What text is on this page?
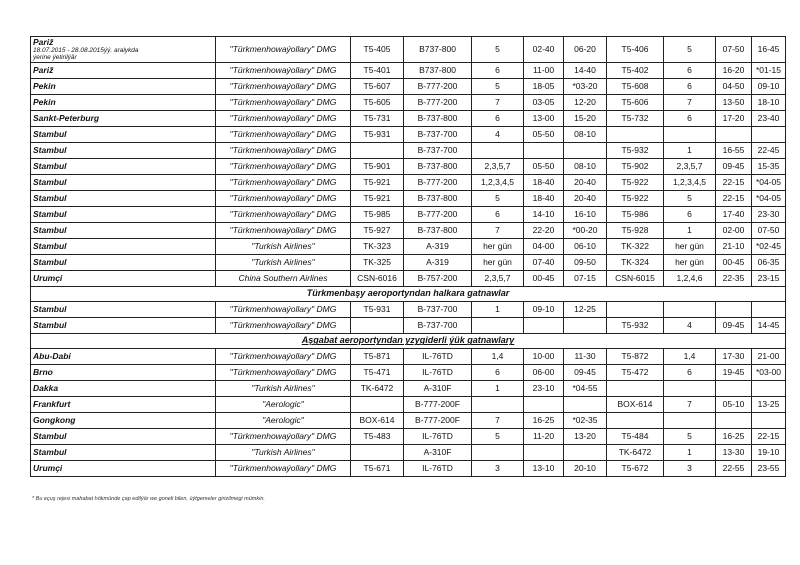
Pariž
18.07.2015 - 28.08.2015ýý. aralykda
ýerine ýetirilýär	"Türkmenhowaýollary" DMG	T5-405	B737-800	5	02-40	06-20	T5-406	5	07-50	16-45
Pariž	"Türkmenhowaýollary" DMG	T5-401	B737-800	6	11-00	14-40	T5-402	6	16-20	*01-15
Pekin	"Türkmenhowaýollary" DMG	T5-607	B-777-200	5	18-05	*03-20	T5-608	6	04-50	09-10
Pekin	"Türkmenhowaýollary" DMG	T5-605	B-777-200	7	03-05	12-20	T5-606	7	13-50	18-10
Sankt-Peterburg	"Türkmenhowaýollary" DMG	T5-731	B-737-800	6	13-00	15-20	T5-732	6	17-20	23-40
Stambul	"Türkmenhowaýollary" DMG	T5-931	B-737-700	4	05-50	08-10				
Stambul	"Türkmenhowaýollary" DMG		B-737-700				T5-932	1	16-55	22-45
Stambul	"Türkmenhowaýollary" DMG	T5-901	B-737-800	2,3,5,7	05-50	08-10	T5-902	2,3,5,7	09-45	15-35
Stambul	"Türkmenhowaýollary" DMG	T5-921	B-777-200	1,2,3,4,5	18-40	20-40	T5-922	1,2,3,4,5	22-15	*04-05
Stambul	"Türkmenhowaýollary" DMG	T5-921	B-737-800	5	18-40	20-40	T5-922	5	22-15	*04-05
Stambul	"Türkmenhowaýollary" DMG	T5-985	B-777-200	6	14-10	16-10	T5-986	6	17-40	23-30
Stambul	"Türkmenhowaýollary" DMG	T5-927	B-737-800	7	22-20	*00-20	T5-928	1	02-00	07-50
Stambul	"Turkish Airlines"	TK-323	A-319	her gün	04-00	06-10	TK-322	her gün	21-10	*02-45
Stambul	"Turkish Airlines"	TK-325	A-319	her gün	07-40	09-50	TK-324	her gün	00-45	06-35
Urumçi	China Southern Airlines	CSN-6016	B-757-200	2,3,5,7	00-45	07-15	CSN-6015	1,2,4,6	22-35	23-15
Türkmenbaşy aeroportyndan halkara gatnawlar										
Stambul	"Türkmenhowaýollary" DMG	T5-931	B-737-700	1	09-10	12-25				
Stambul	"Türkmenhowaýollary" DMG		B-737-700				T5-932	4	09-45	14-45
Aşgabat aeroportyndan yzygiderli ýük gatnawlary										
Abu-Dabi	"Türkmenhowaýollary" DMG	T5-871	IL-76TD	1,4	10-00	11-30	T5-872	1,4	17-30	21-00
Brno	"Türkmenhowaýollary" DMG	T5-471	IL-76TD	6	06-00	09-45	T5-472	6	19-45	*03-00
Dakka	"Turkish Airlines"	TK-6472	A-310F	1	23-10	*04-55				
Frankfurt	"Aerologic"		B-777-200F				BOX-614	7	05-10	13-25
Gongkong	"Aerologic"	BOX-614	B-777-200F	7	16-25	*02-35				
Stambul	"Türkmenhowaýollary" DMG	T5-483	IL-76TD	5	11-20	13-20	T5-484	5	16-25	22-15
Stambul	"Turkish Airlines"		A-310F				TK-6472	1	13-30	19-10
Urumçi	"Türkmenhowaýollary" DMG	T5-671	IL-76TD	3	13-10	20-10	T5-672	3	22-55	23-55
* Bu eçuş rejesi mahabat hökmünde çap edilýär we goneli bilen, üýtgemeler girizilmegi mümkin.
